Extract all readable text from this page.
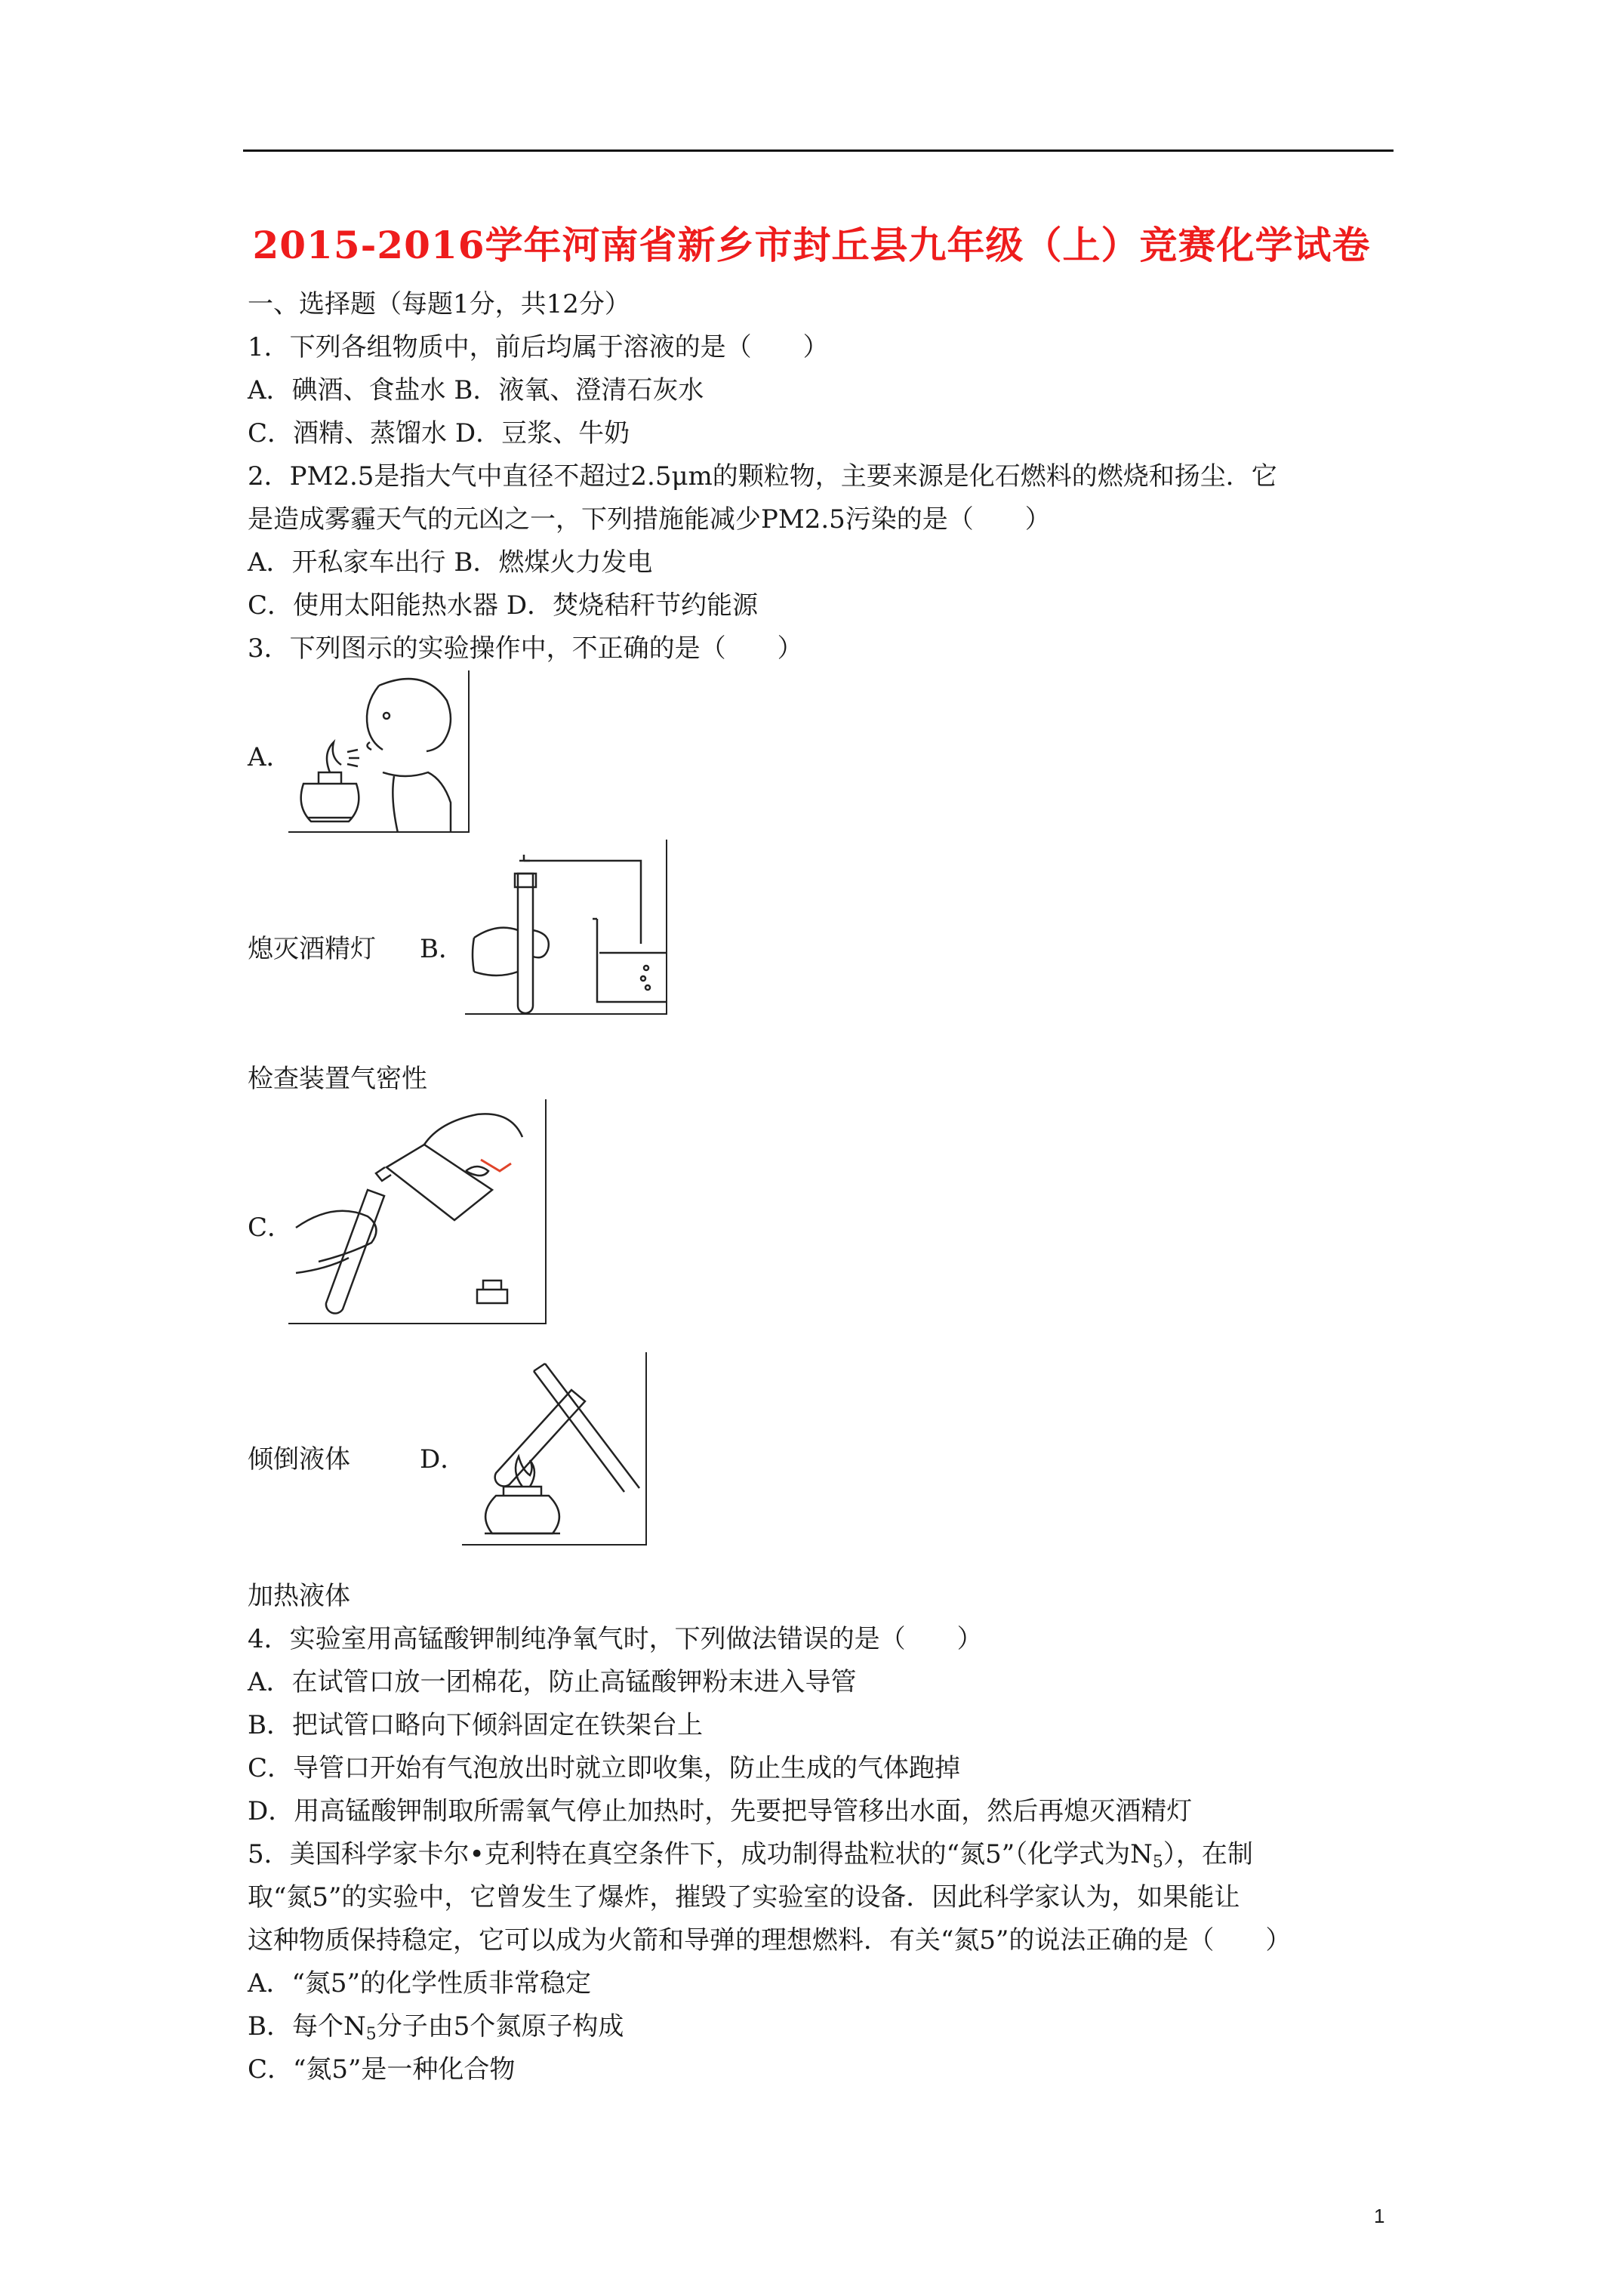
2015-2016学年河南省新乡市封丘县九年级（上）竞赛化学试卷
一、选择题（每题1分，共12分）
1．下列各组物质中，前后均属于溶液的是（　　）
A．碘酒、食盐水 B．液氧、澄清石灰水
C．酒精、蒸馏水 D．豆浆、牛奶
2．PM2.5是指大气中直径不超过2.5μm的颗粒物，主要来源是化石燃料的燃烧和扬尘．它
是造成雾霾天气的元凶之一，下列措施能减少PM2.5污染的是（　　）
A．开私家车出行 B．燃煤火力发电
C．使用太阳能热水器 D．焚烧秸秆节约能源
3．下列图示的实验操作中，不正确的是（　　）
A．
熄灭酒精灯 B．
检查装置气密性
C．
倾倒液体	D．
加热液体
4．实验室用高锰酸钾制纯净氧气时，下列做法错误的是（　　）
A．在试管口放一团棉花，防止高锰酸钾粉末进入导管
B．把试管口略向下倾斜固定在铁架台上
C．导管口开始有气泡放出时就立即收集，防止生成的气体跑掉
D．用高锰酸钾制取所需氧气停止加热时，先要把导管移出水面，然后再熄灭酒精灯
5．美国科学家卡尔•克利特在真空条件下，成功制得盐粒状的“氮5”（化学式为$N_5$），在制
取“氮5”的实验中，它曾发生了爆炸，摧毁了实验室的设备．因此科学家认为，如果能让
这种物质保持稳定，它可以成为火箭和导弹的理想燃料．有关“氮5”的说法正确的是（　　）
A．“氮5”的化学性质非常稳定
B．每个$N_5$分子由5个氮原子构成
C．“氮5”是一种化合物
1
